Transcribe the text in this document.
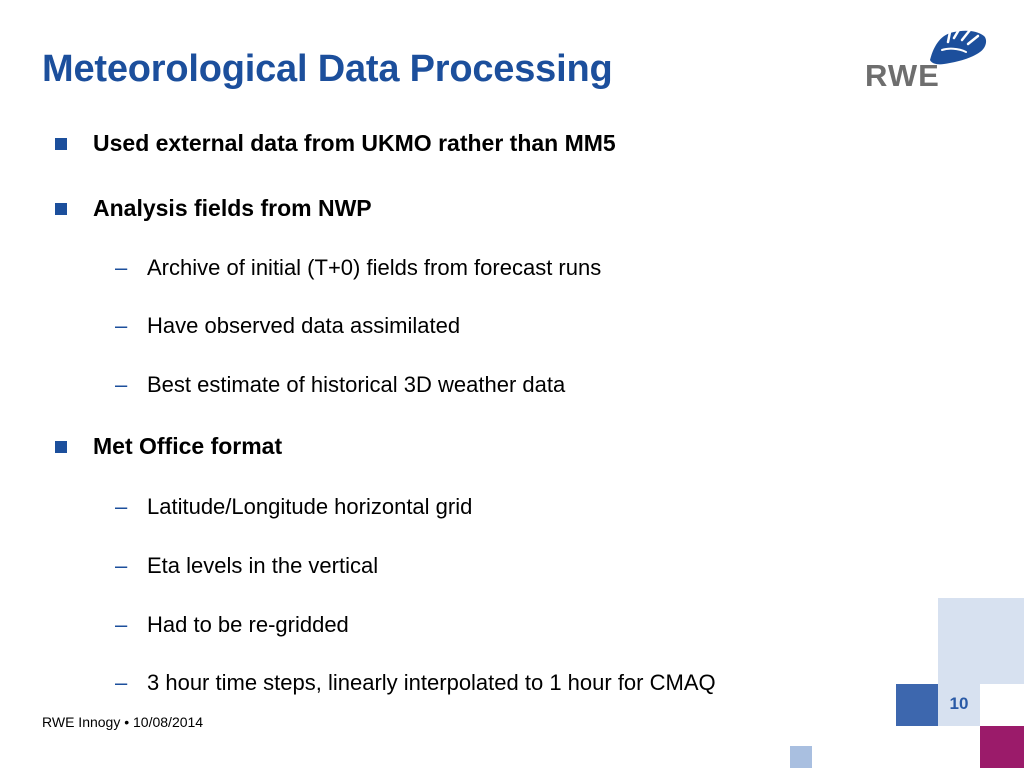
Meteorological Data Processing	RWE
Used external data from UKMO rather than MM5
Analysis fields from NWP
– Archive of initial (T+0) fields from forecast runs
– Have observed data assimilated
– Best estimate of historical 3D weather data
Met Office format
– Latitude/Longitude horizontal grid
– Eta levels in the vertical
– Had to be re-gridded
– 3 hour time steps, linearly interpolated to 1 hour for CMAQ
RWE Innogy • 10/08/2014
10
